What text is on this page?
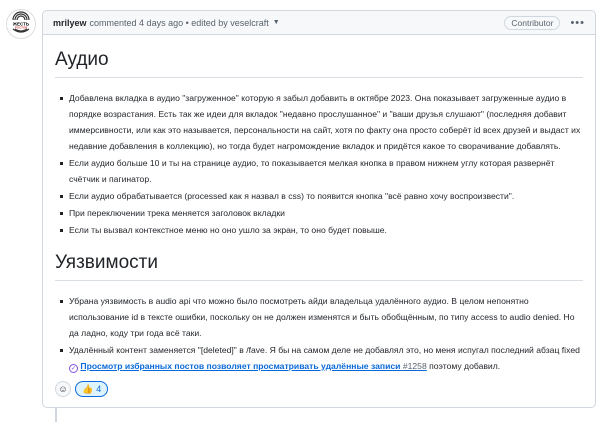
ЖЕСТЬ
РОСТОВ	mrilyew commented 4 days ago • edited by veselcraft ▼	Contributor	•••
Аудио
Добавлена вкладка в аудио "загруженное" которую я забыл добавить в октябре 2023. Она показывает загруженные аудио в порядке возрастания. Есть так же идеи для вкладок "недавно прослушанное" и "ваши друзья слушают" (последняя добавит иммерсивности, или как это называется, персональности на сайт, хотя по факту она просто соберёт id всех друзей и выдаст их недавние добавления в коллекцию), но тогда будет нагромождение вкладок и придётся какое то сворачивание добавлять.
Если аудио больше 10 и ты на странице аудио, то показывается мелкая кнопка в правом нижнем углу которая развернёт счётчик и пагинатор.
Если аудио обрабатывается (processed как я назвал в css) то появится кнопка "всё равно хочу воспроизвести".
При переключении трека меняется заголовок вкладки
Если ты вызвал контекстное меню но оно ушло за экран, то оно будет повыше.
Уязвимости
Убрана уязвимость в audio api что можно было посмотреть айди владельца удалённого аудио. В целом непонятно использование id в тексте ошибки, поскольку он не должен изменятся и быть обобщённым, по типу access to audio denied. Но да ладно, коду три года всё таки.
Удалённый контент заменяется "[deleted]" в /fave. Я бы на самом деле не добавлял это, но меня испугал последний абзац fixed ✓ Просмотр избранных постов позволяет просматривать удалённые записи #1258 поэтому добавил.
☺ 👍 4
